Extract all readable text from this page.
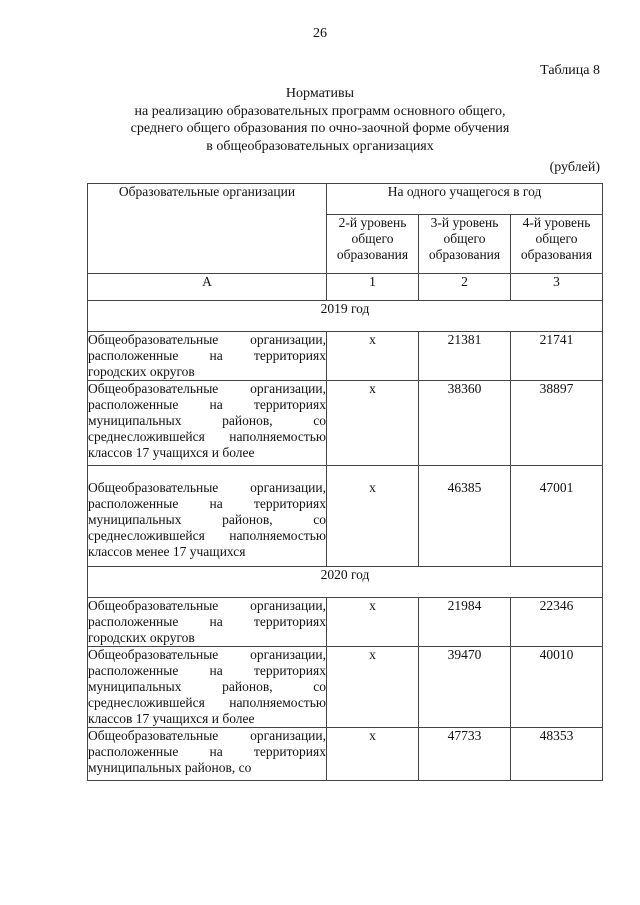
26
Таблица 8
Нормативы
на реализацию образовательных программ основного общего,
среднего общего образования по очно-заочной форме обучения
в общеобразовательных организациях
(рублей)
Образовательные организации	На одного учащегося в год		
	2-й уровень общего образования	3-й уровень общего образования	4-й уровень общего образования
А	1	2	3
2019 год			
Общеобразовательные организации, расположенные на территориях городских округов	х	21381	21741
Общеобразовательные организации, расположенные на территориях муниципальных районов, со среднесложившейся наполняемостью классов 17 учащихся и более	х	38360	38897
Общеобразовательные организации, расположенные на территориях муниципальных районов, со среднесложившейся наполняемостью классов менее 17 учащихся	х	46385	47001
2020 год			
Общеобразовательные организации, расположенные на территориях городских округов	х	21984	22346
Общеобразовательные организации, расположенные на территориях муниципальных районов, со среднесложившейся наполняемостью классов 17 учащихся и более	х	39470	40010
Общеобразовательные организации, расположенные на территориях муниципальных районов, со	х	47733	48353
